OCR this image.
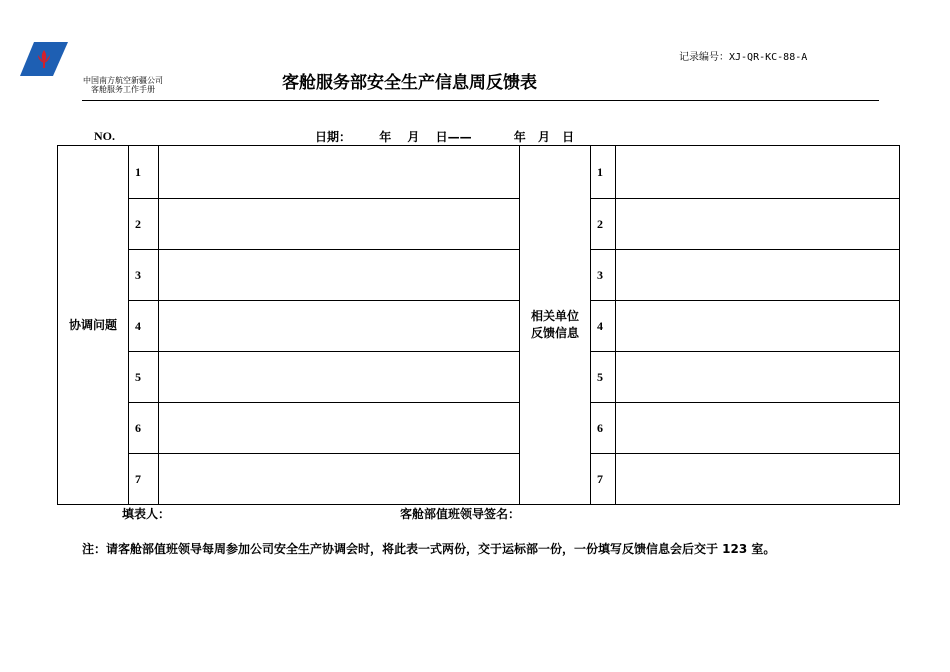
中国南方航空新疆公司
客舱服务工作手册	客舱服务部安全生产信息周反馈表
记录编号：XJ-QR-KC-88-A
NO.	日期： 年 月 日——	年 月 日
协调问题	1		相关单位反馈信息	1	
	2			2	
	3			3	
	4			4	
	5			5	
	6			6	
	7			7	
填表人：	客舱部值班领导签名：
注：请客舱部值班领导每周参加公司安全生产协调会时，将此表一式两份，交于运标部一份，一份填写反馈信息会后交于 123 室。
